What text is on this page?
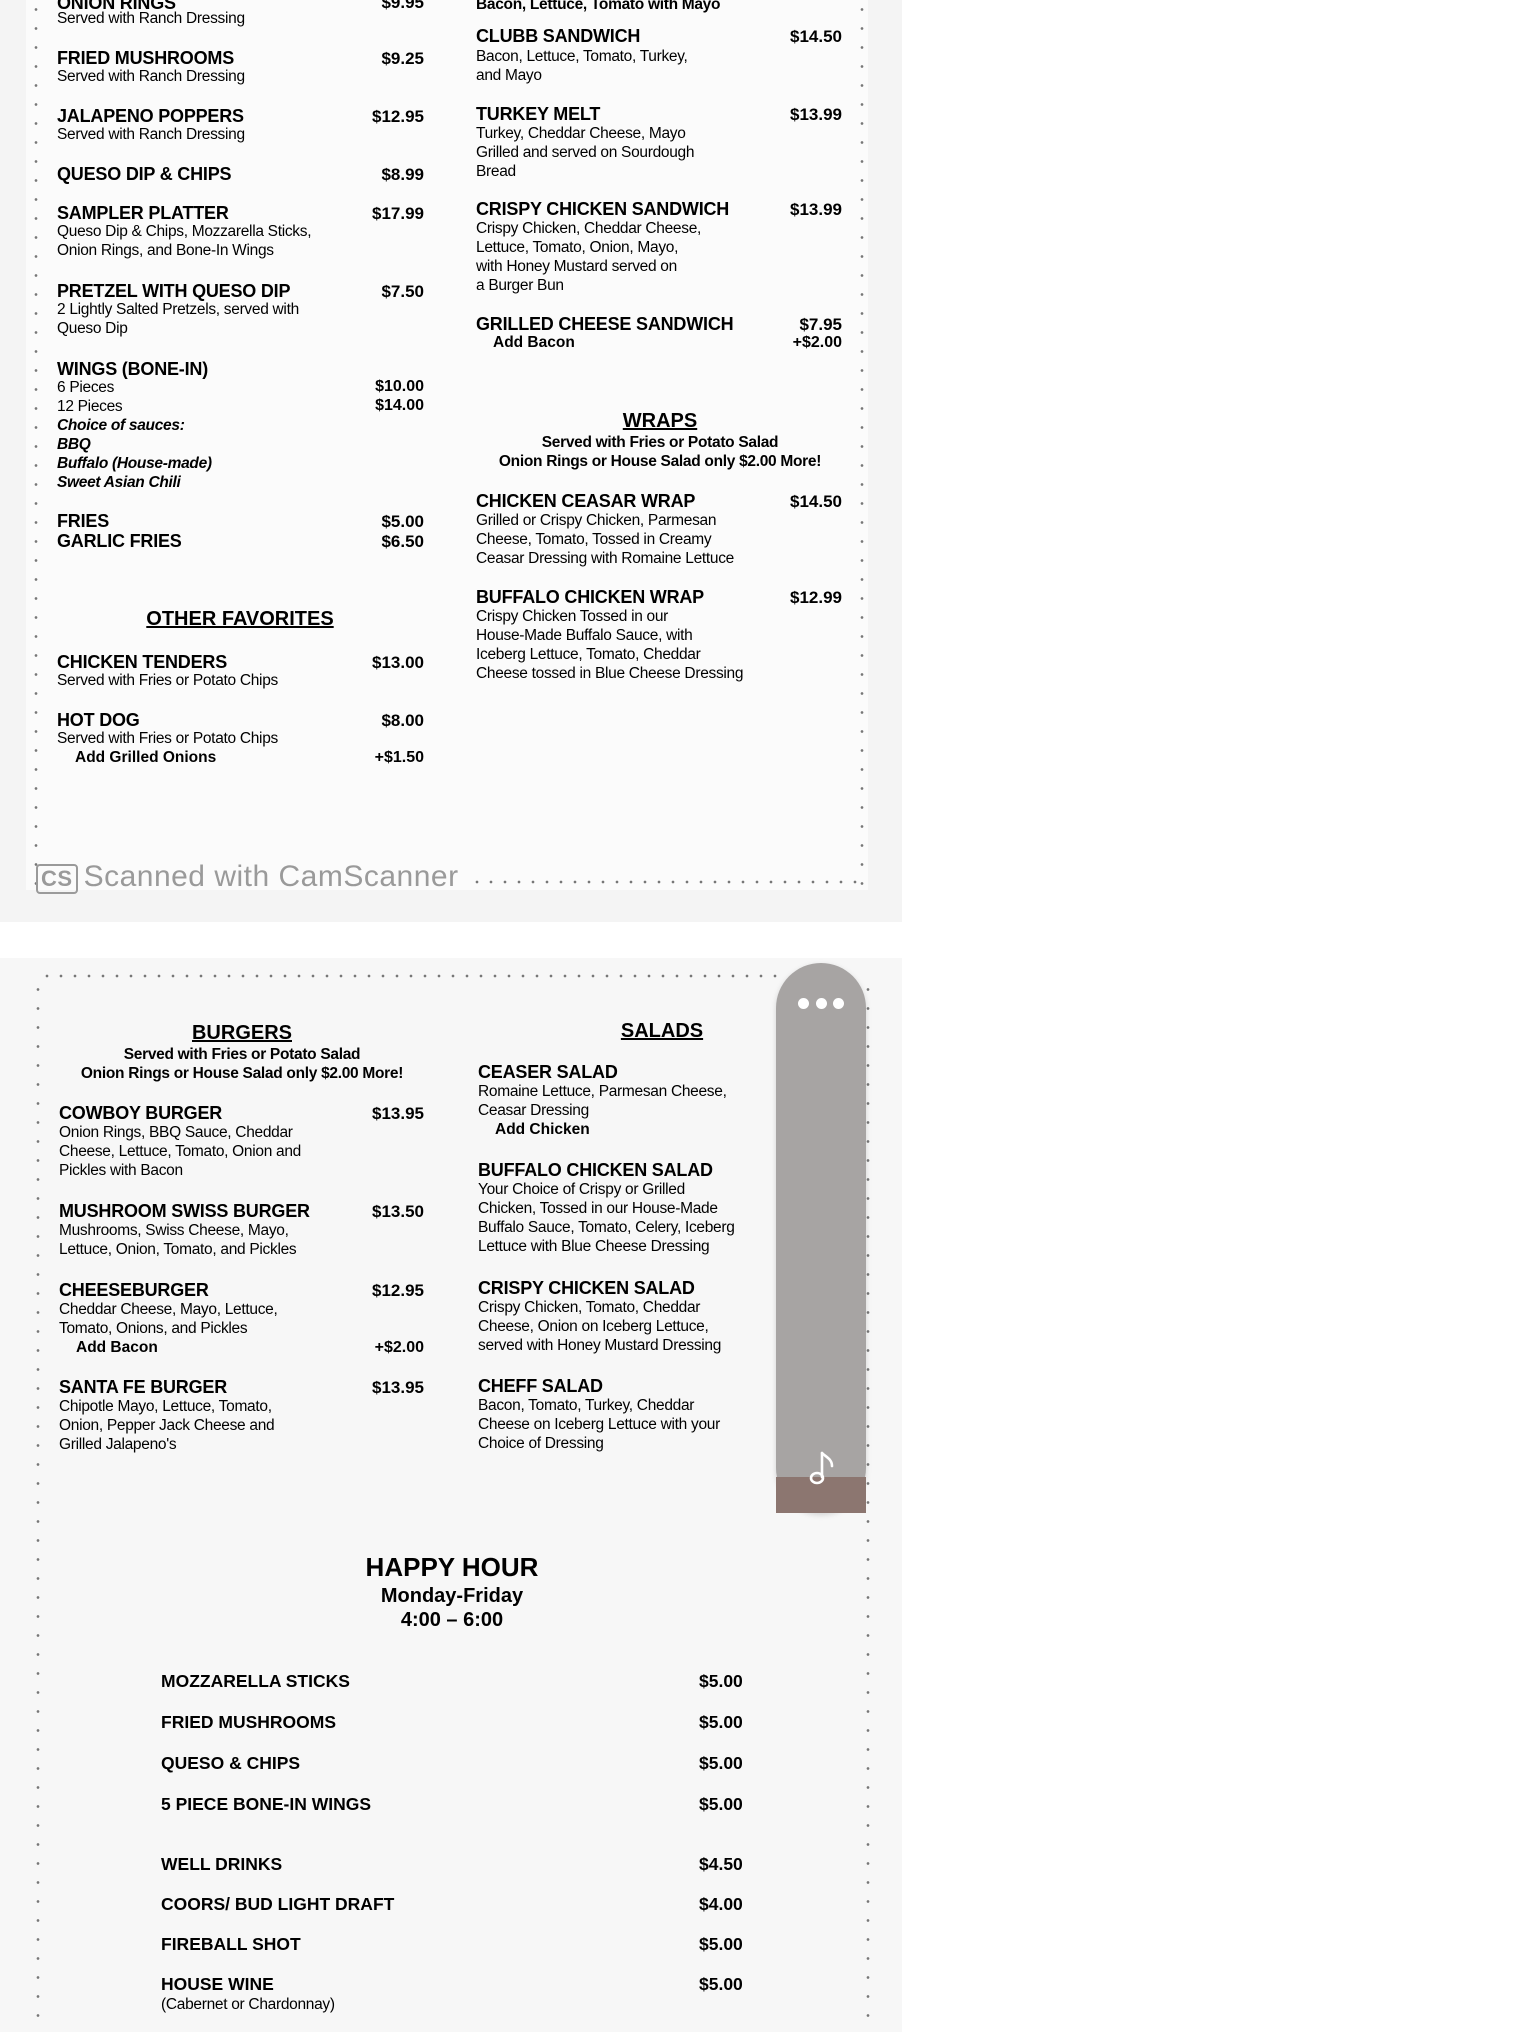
Served with Ranch Dressing
FRIED MUSHROOMS	$9.25
Served with Ranch Dressing
JALAPENO POPPERS	$12.95
Served with Ranch Dressing
QUESO DIP & CHIPS	$8.99
SAMPLER PLATTER	$17.99
Queso Dip & Chips, Mozzarella Sticks,
Onion Rings, and Bone-In Wings
PRETZEL WITH QUESO DIP	$7.50
2 Lightly Salted Pretzels, served with
Queso Dip
WINGS (BONE-IN)
6 Pieces	$10.00
12 Pieces	$14.00
Choice of sauces:
BBQ
Buffalo (House-made)
Sweet Asian Chili
FRIES	$5.00
GARLIC FRIES	$6.50
OTHER FAVORITES
CHICKEN TENDERS	$13.00
Served with Fries or Potato Chips
HOT DOG	$8.00
Served with Fries or Potato Chips
Add Grilled Onions	+$1.50
CLUBB SANDWICH	$14.50
Bacon, Lettuce, Tomato, Turkey,
and Mayo
TURKEY MELT	$13.99
Turkey, Cheddar Cheese, Mayo
Grilled and served on Sourdough
Bread
CRISPY CHICKEN SANDWICH	$13.99
Crispy Chicken, Cheddar Cheese,
Lettuce, Tomato, Onion, Mayo,
with Honey Mustard served on
a Burger Bun
GRILLED CHEESE SANDWICH	$7.95
Add Bacon	+$2.00
WRAPS
Served with Fries or Potato Salad
Onion Rings or House Salad only $2.00 More!
CHICKEN CEASAR WRAP	$14.50
Grilled or Crispy Chicken, Parmesan
Cheese, Tomato, Tossed in Creamy
Ceasar Dressing with Romaine Lettuce
BUFFALO CHICKEN WRAP	$12.99
Crispy Chicken Tossed in our
House-Made Buffalo Sauce, with
Iceberg Lettuce, Tomato, Cheddar
Cheese tossed in Blue Cheese Dressing
CS Scanned with CamScanner
BURGERS
Served with Fries or Potato Salad
Onion Rings or House Salad only $2.00 More!
COWBOY BURGER	$13.95
Onion Rings, BBQ Sauce, Cheddar
Cheese, Lettuce, Tomato, Onion and
Pickles with Bacon
MUSHROOM SWISS BURGER	$13.50
Mushrooms, Swiss Cheese, Mayo,
Lettuce, Onion, Tomato, and Pickles
CHEESEBURGER	$12.95
Cheddar Cheese, Mayo, Lettuce,
Tomato, Onions, and Pickles
Add Bacon	+$2.00
SANTA FE BURGER	$13.95
Chipotle Mayo, Lettuce, Tomato,
Onion, Pepper Jack Cheese and
Grilled Jalapeno's
SALADS
CEASER SALAD
Romaine Lettuce, Parmesan Cheese,
Ceasar Dressing
Add Chicken
BUFFALO CHICKEN SALAD
Your Choice of Crispy or Grilled
Chicken, Tossed in our House-Made
Buffalo Sauce, Tomato, Celery, Iceberg
Lettuce with Blue Cheese Dressing
CRISPY CHICKEN SALAD
Crispy Chicken, Tomato, Cheddar
Cheese, Onion on Iceberg Lettuce,
served with Honey Mustard Dressing
CHEFF SALAD
Bacon, Tomato, Turkey, Cheddar
Cheese on Iceberg Lettuce with your
Choice of Dressing
HAPPY HOUR
Monday-Friday
4:00 – 6:00
MOZZARELLA STICKS	$5.00
FRIED MUSHROOMS	$5.00
QUESO & CHIPS	$5.00
5 PIECE BONE-IN WINGS	$5.00
WELL DRINKS	$4.50
COORS/ BUD LIGHT DRAFT	$4.00
FIREBALL SHOT	$5.00
HOUSE WINE	$5.00
(Cabernet or Chardonnay)
